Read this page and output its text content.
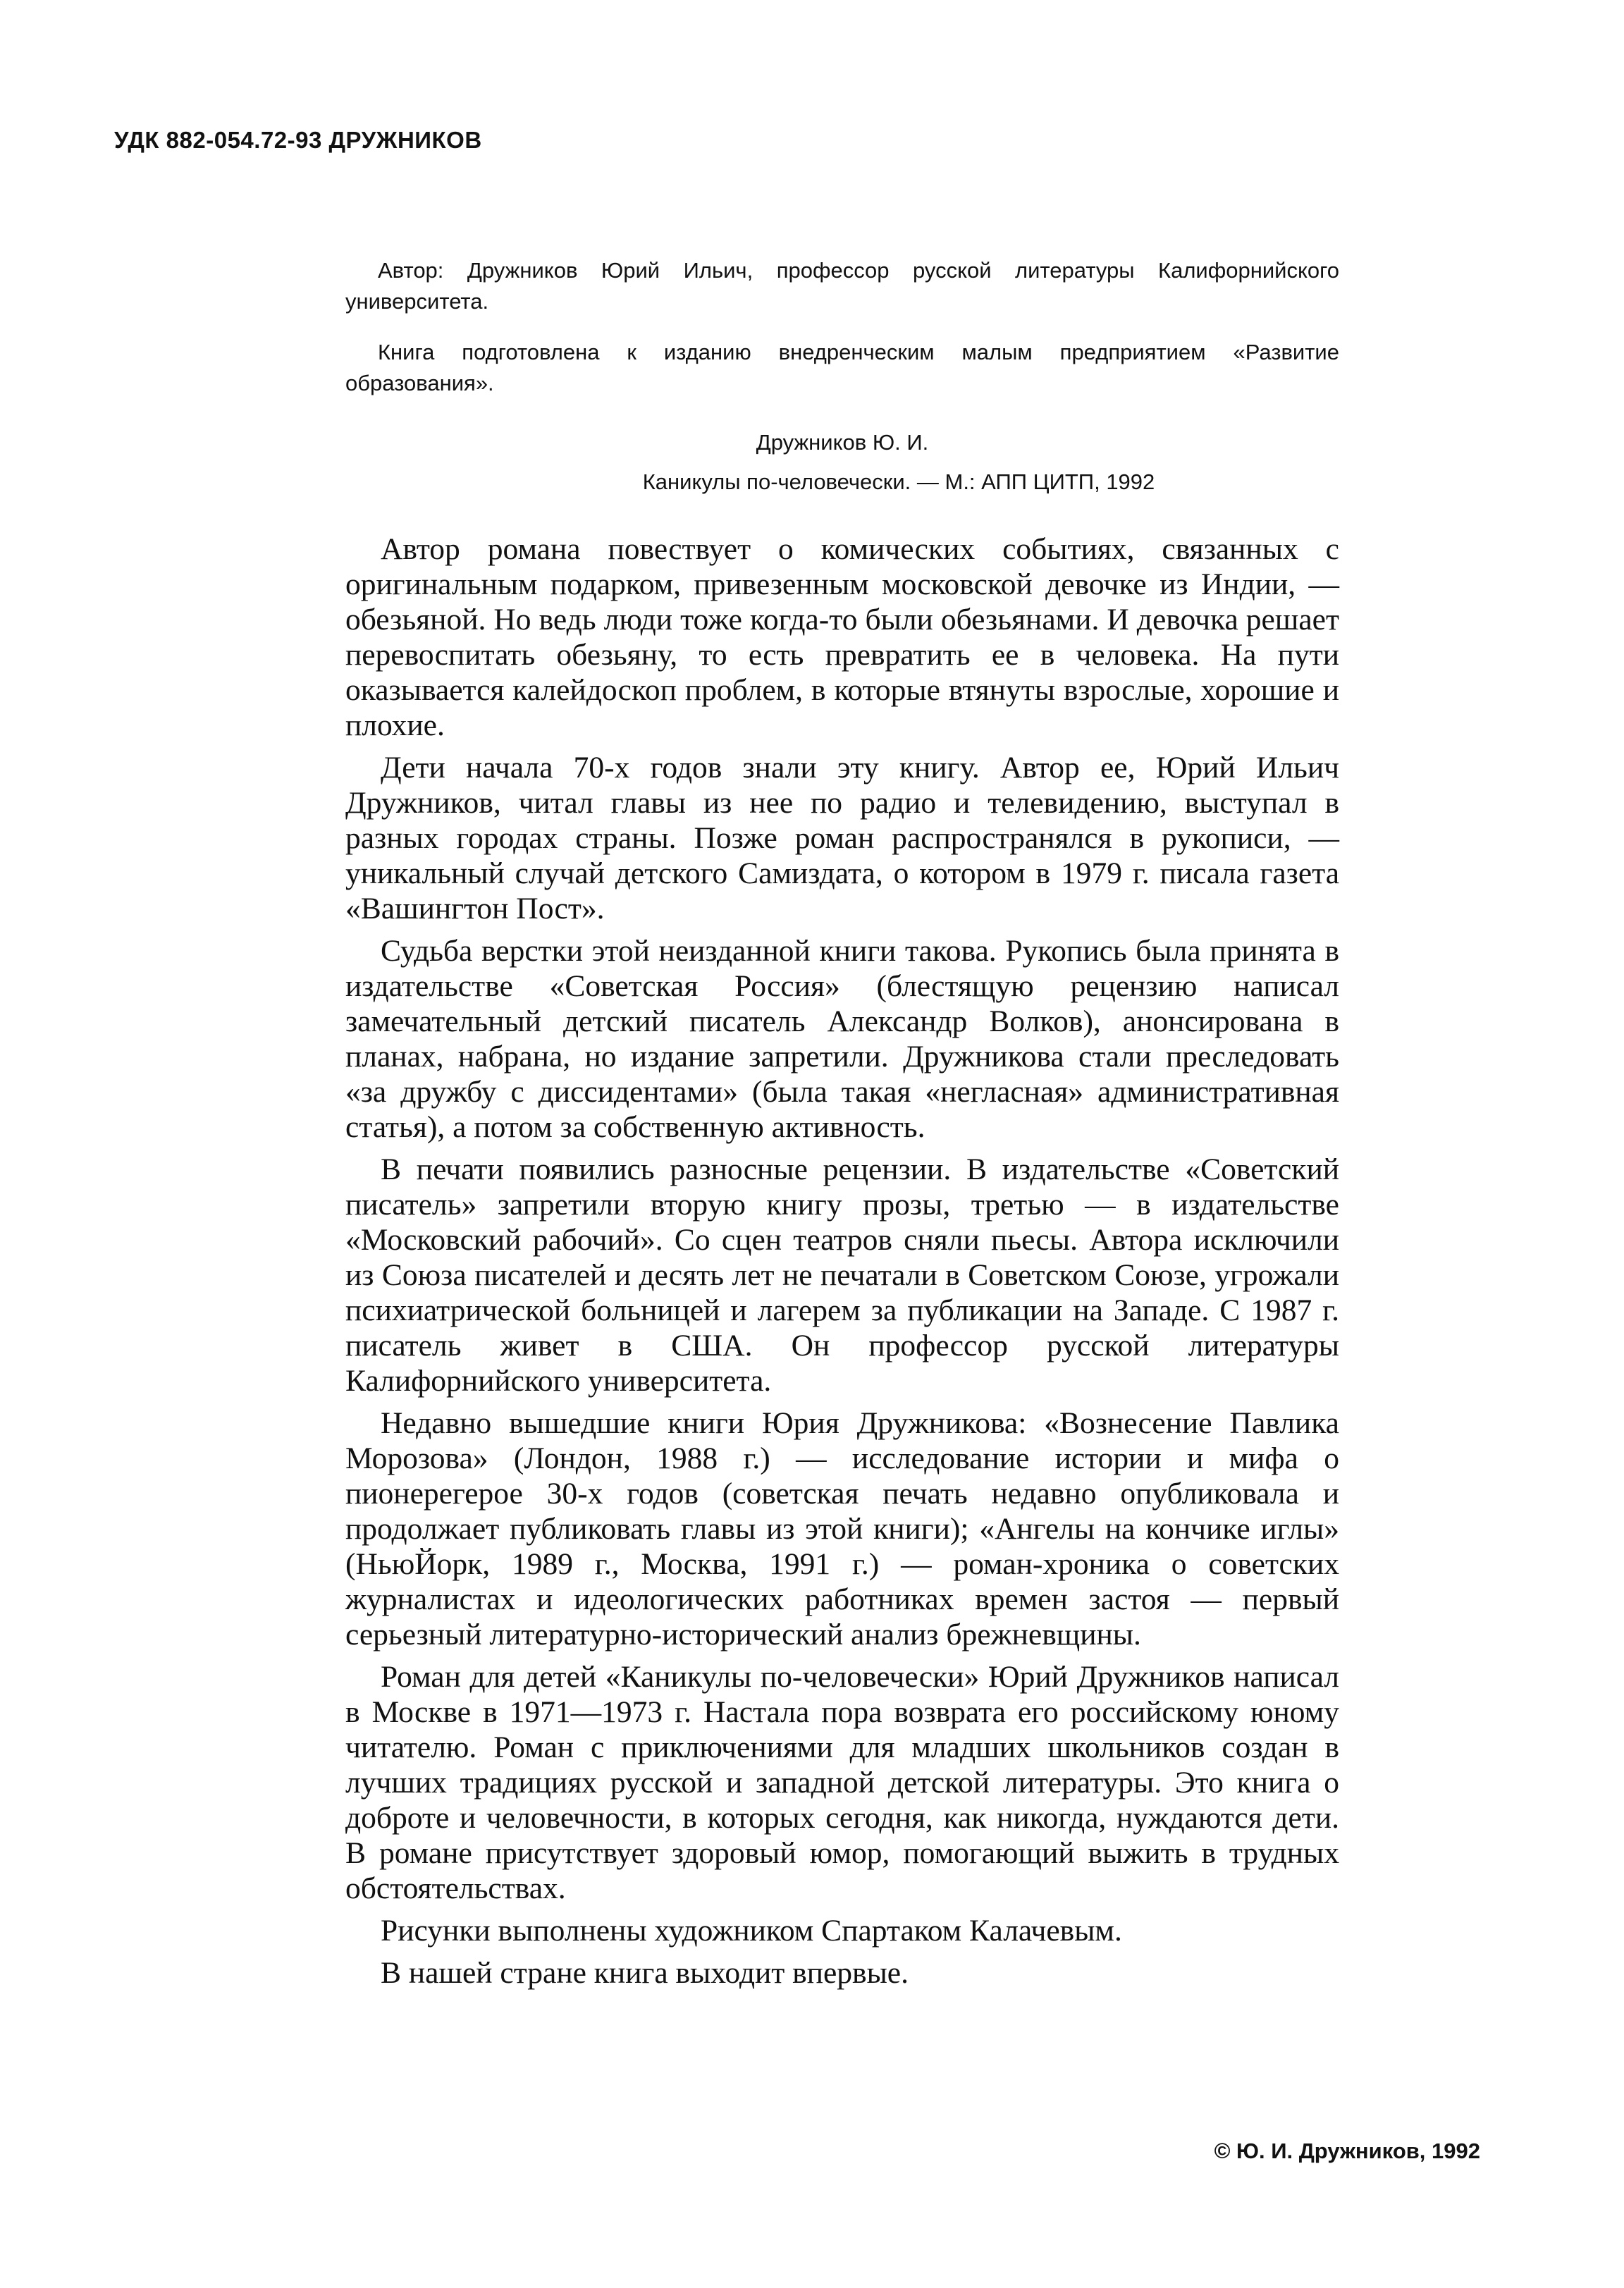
УДК 882-054.72-93 ДРУЖНИКОВ
Автор: Дружников Юрий Ильич, профессор русской литературы Калифорнийского университета.
Книга подготовлена к изданию внедренческим малым предприятием «Развитие образования».
Дружников Ю. И.
Каникулы по-человечески. — М.: АПП ЦИТП, 1992

Автор романа повествует о комических событиях, связанных с оригинальным подарком, привезенным московской девочке из Индии, — обезьяной. Но ведь люди тоже когда-то были обезьянами. И девочка решает перевоспитать обезьяну, то есть превратить ее в человека. На пути оказывается калейдоскоп проблем, в которые втянуты взрослые, хорошие и плохие.

Дети начала 70-х годов знали эту книгу. Автор ее, Юрий Ильич Дружников, читал главы из нее по радио и телевидению, выступал в разных городах страны. Позже роман распространялся в рукописи, — уникальный случай детского Самиздата, о котором в 1979 г. писала газета «Вашингтон Пост».

Судьба верстки этой неизданной книги такова. Рукопись была принята в издательстве «Советская Россия» (блестящую рецензию написал замечательный детский писатель Александр Волков), анонсирована в планах, набрана, но издание запретили. Дружникова стали преследовать «за дружбу с диссидентами» (была такая «негласная» административная статья), а потом за собственную активность.

В печати появились разносные рецензии. В издательстве «Советский писатель» запретили вторую книгу прозы, третью — в издательстве «Московский рабочий». Со сцен театров сняли пьесы. Автора исключили из Союза писателей и десять лет не печатали в Советском Союзе, угрожали психиатрической больницей и лагерем за публикации на Западе. С 1987 г. писатель живет в США. Он профессор русской литературы Калифорнийского университета.

Недавно вышедшие книги Юрия Дружникова: «Вознесение Павлика Морозова» (Лондон, 1988 г.) — исследование истории и мифа о пионерегерое 30-х годов (советская печать недавно опубликовала и продолжает публиковать главы из этой книги); «Ангелы на кончике иглы» (НьюЙорк, 1989 г., Москва, 1991 г.) — роман-хроника о советских журналистах и идеологических работниках времен застоя — первый серьезный литературно-исторический анализ брежневщины.

Роман для детей «Каникулы по-человечески» Юрий Дружников написал в Москве в 1971—1973 г. Настала пора возврата его российскому юному читателю. Роман с приключениями для младших школьников создан в лучших традициях русской и западной детской литературы. Это книга о доброте и человечности, в которых сегодня, как никогда, нуждаются дети. В романе присутствует здоровый юмор, помогающий выжить в трудных обстоятельствах.

Рисунки выполнены художником Спартаком Калачевым.

В нашей стране книга выходит впервые.

© Ю. И. Дружников, 1992
